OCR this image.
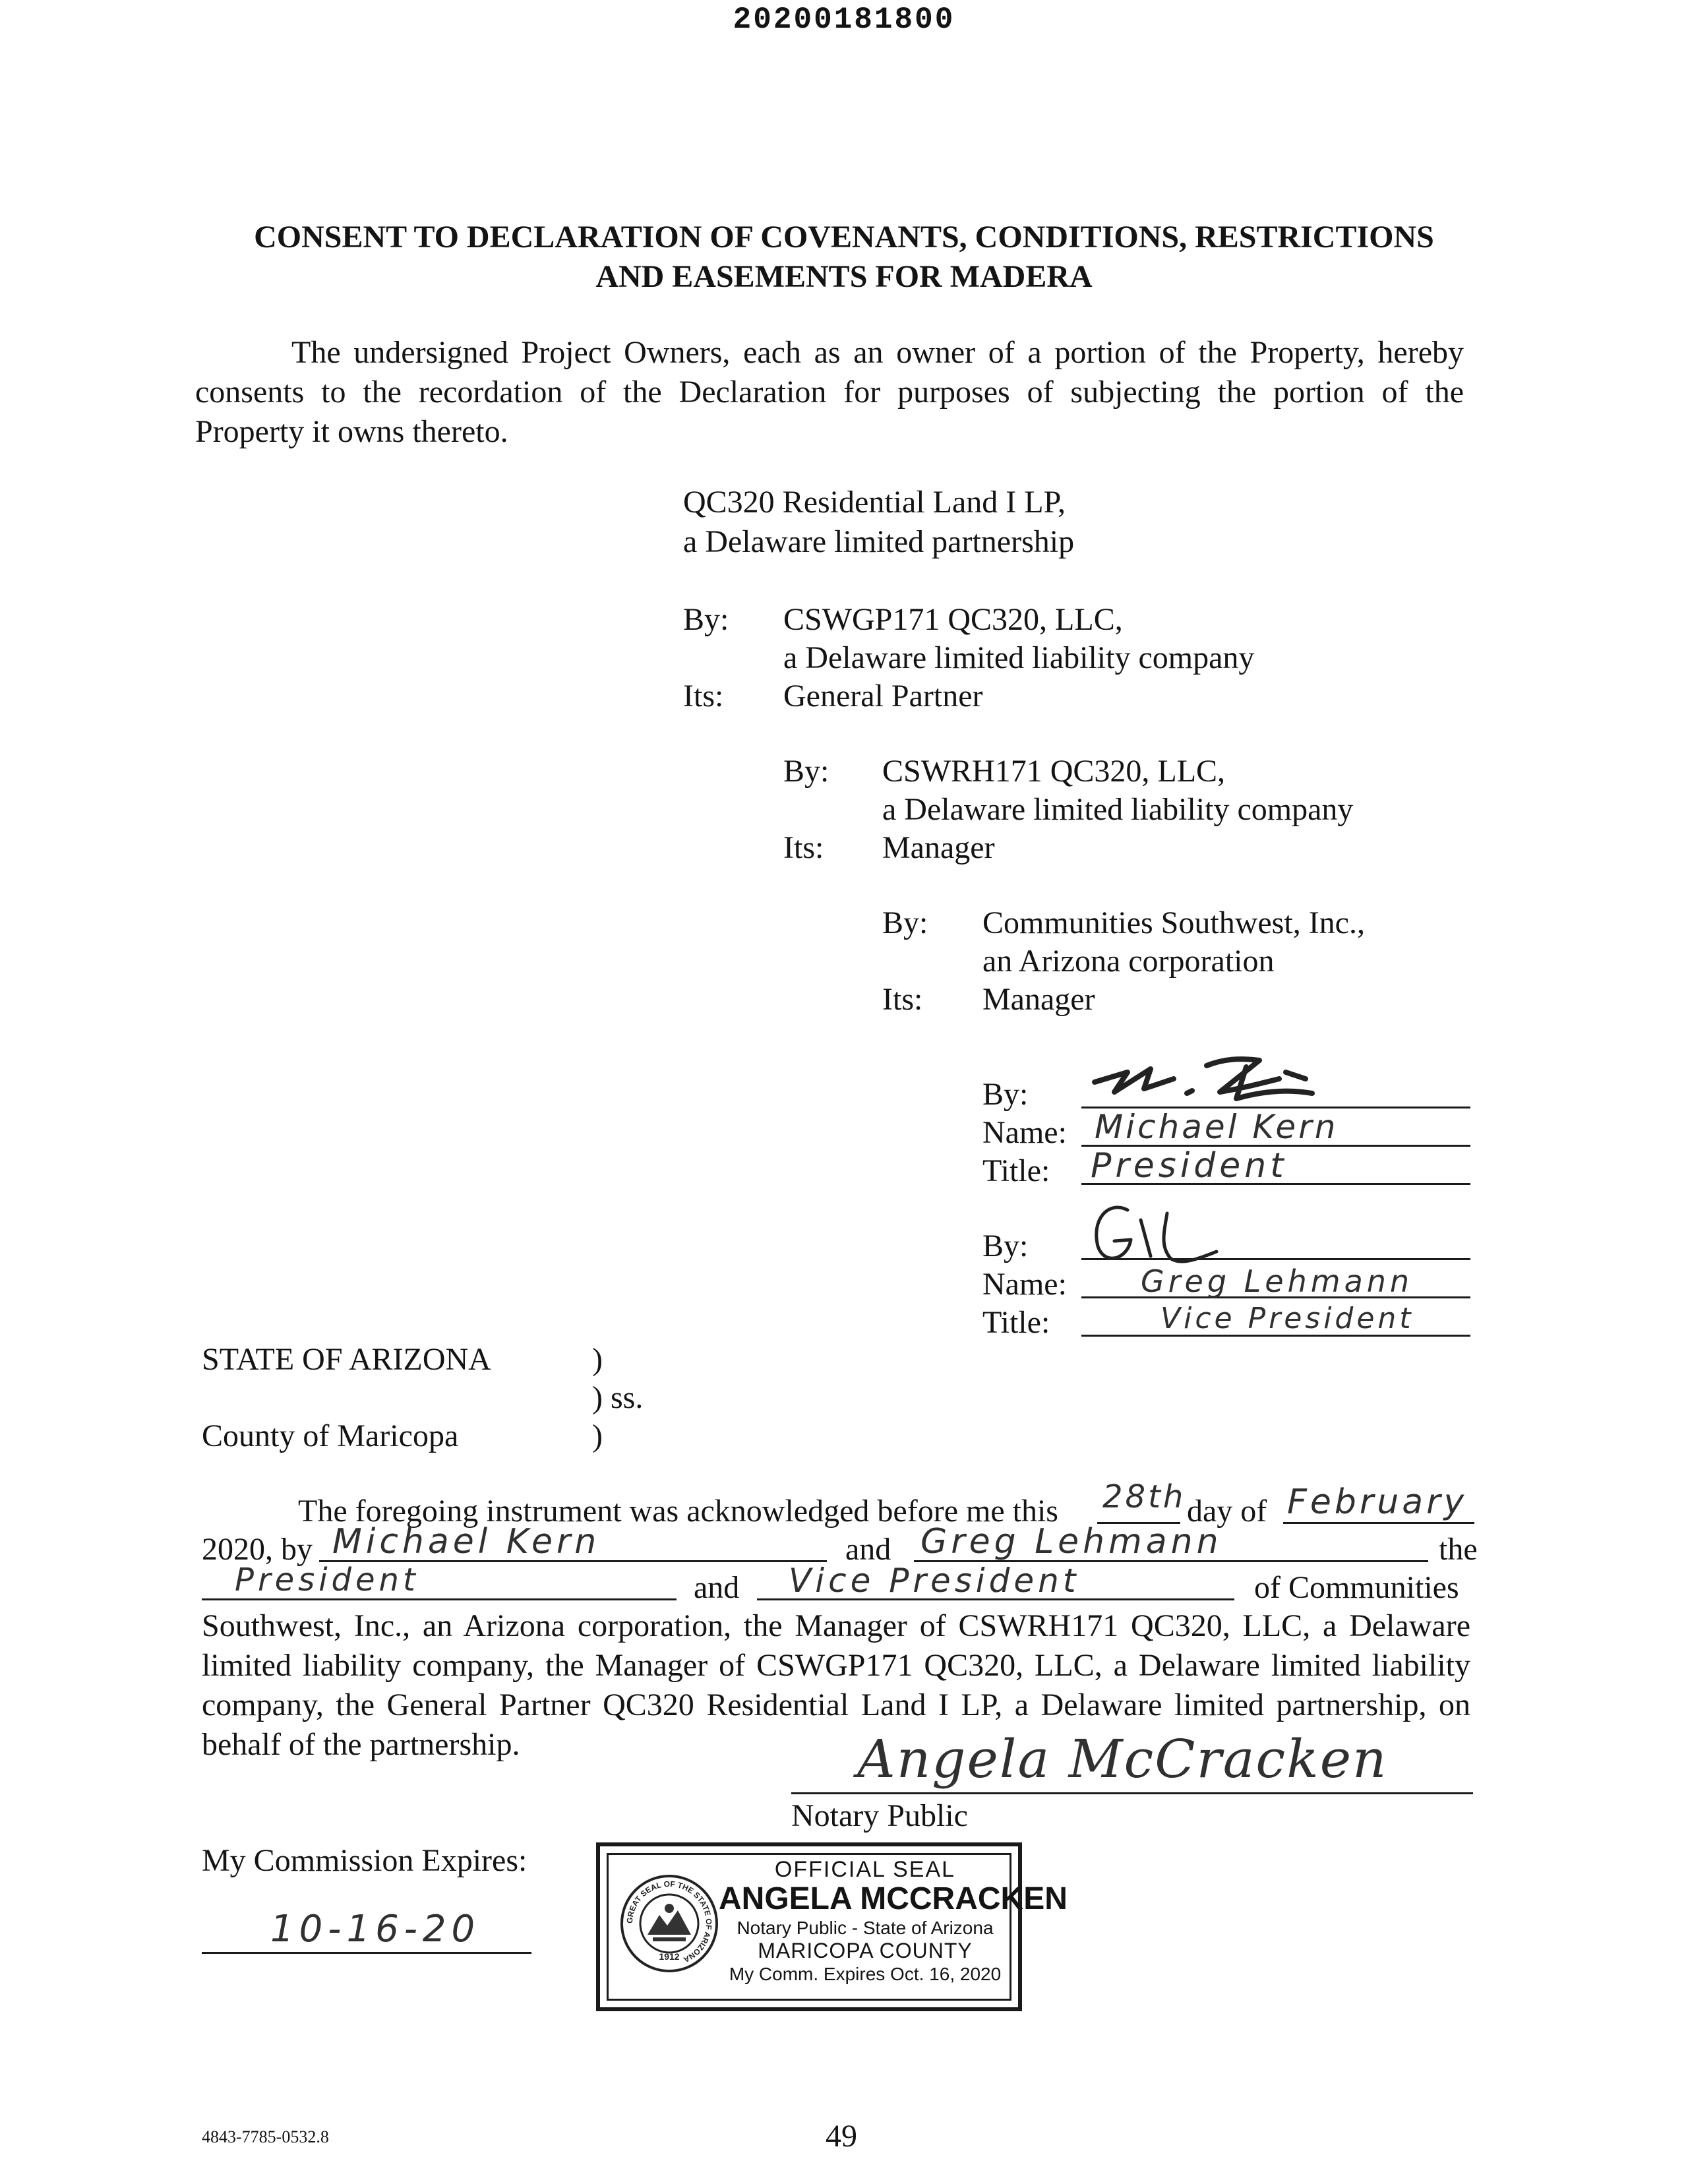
20200181800
CONSENT TO DECLARATION OF COVENANTS, CONDITIONS, RESTRICTIONS
AND EASEMENTS FOR MADERA
The undersigned Project Owners, each as an owner of a portion of the Property, hereby
consents to the recordation of the Declaration for purposes of subjecting the portion of the
Property it owns thereto.
QC320 Residential Land I LP,
a Delaware limited partnership
By: CSWGP171 QC320, LLC,
a Delaware limited liability company
Its: General Partner
By: CSWRH171 QC320, LLC,
a Delaware limited liability company
Its: Manager
By: Communities Southwest, Inc.,
an Arizona corporation
Its: Manager
By:
Name: Michael Kern
Title: President
By:
Name: Greg Lehmann
Title:	Vice President
STATE OF ARIZONA	)
) ss.
County of Maricopa	)
The foregoing instrument was acknowledged before me this 28th day of February
2020, by Michael Kern	and Greg Lehmann	the
President	and Vice President	of Communities
Southwest, Inc., an Arizona corporation, the Manager of CSWRH171 QC320, LLC, a Delaware
limited liability company, the Manager of CSWGP171 QC320, LLC, a Delaware limited liability
company, the General Partner QC320 Residential Land I LP, a Delaware limited partnership, on
behalf of the partnership.	Angela McCracken
Notary Public
My Commission Expires:
10-16-20	GREAT SEAL OF THE STATE OF ARIZONA
1912
OFFICIAL SEAL
ANGELA MCCRACKEN
Notary Public - State of Arizona
MARICOPA COUNTY
My Comm. Expires Oct. 16, 2020
4843-7785-0532.8	49
